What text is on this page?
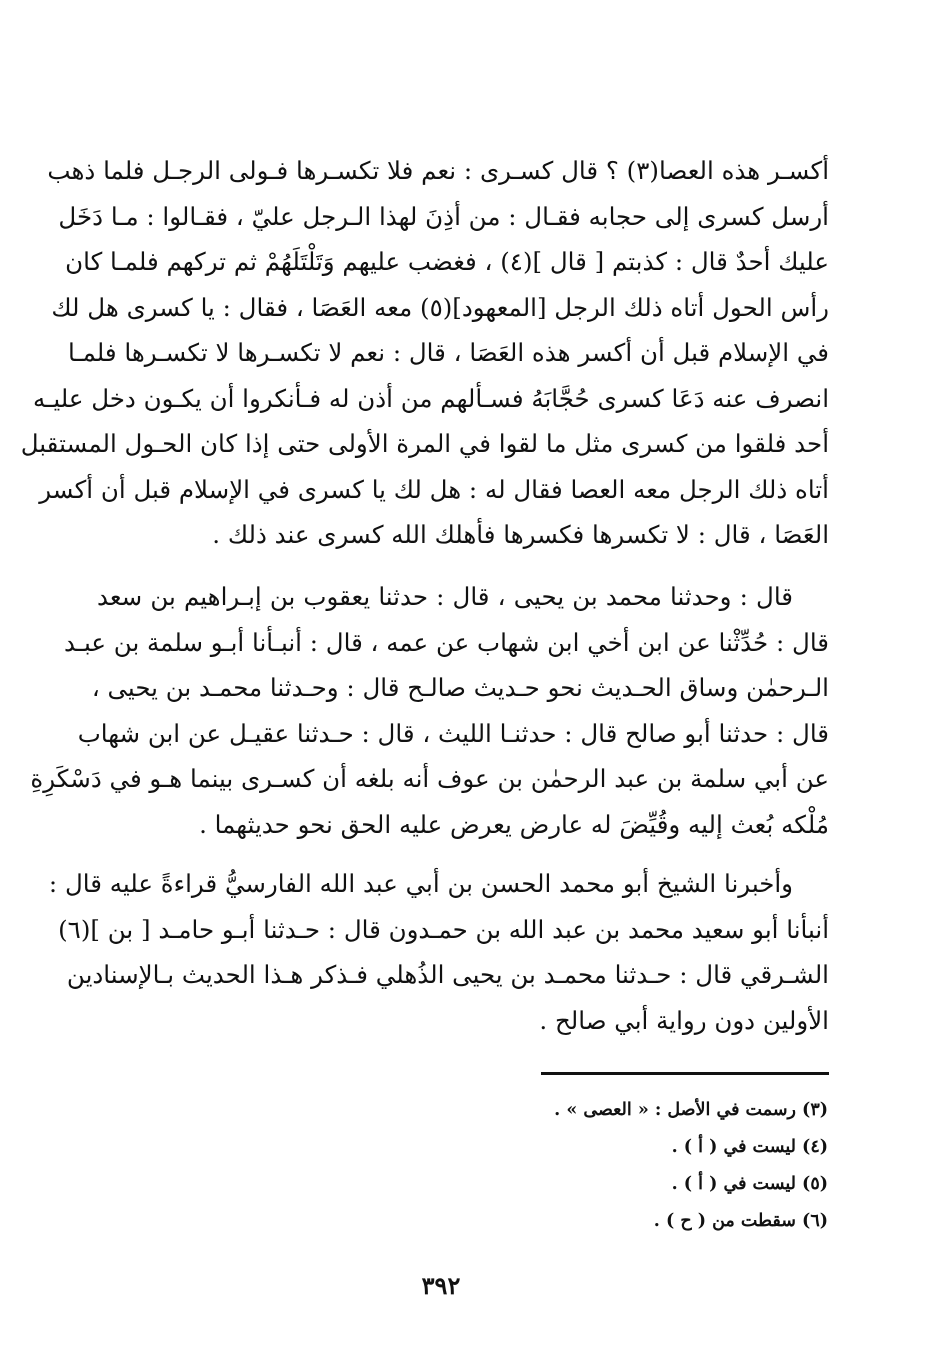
أكسـر هذه العصا(٣) ؟ قال كسـرى : نعم فلا تكسـرها فـولى الرجـل فلما ذهب
أرسل كسرى إلى حجابه فقـال : من أذِنَ لهذا الـرجل عليّ ، فقـالوا : مـا دَخَل
عليك أحدٌ قال : كذبتم [ قال ](٤) ، فغضب عليهم وَتَلْتَلَهُمْ ثم تركهم فلمـا كان
رأس الحول أتاه ذلك الرجل [المعهود](٥) معه العَصَا ، فقال : يا كسرى هل لك
في الإسلام قبل أن أكسر هذه العَصَا ، قال : نعم لا تكسـرها لا تكسـرها فلمـا
انصرف عنه دَعَا كسرى حُجَّابَهُ فسـألهم من أذن له فـأنكروا أن يكـون دخل عليـه
أحد فلقوا من كسرى مثل ما لقوا في المرة الأولى حتى إذا كان الحـول المستقبل
أتاه ذلك الرجل معه العصا فقال له : هل لك يا كسرى في الإسلام قبل أن أكسر
العَصَا ، قال : لا تكسرها فكسرها فأهلك الله كسرى عند ذلك .
قال : وحدثنا محمد بن يحيى ، قال : حدثنا يعقوب بن إبـراهيم بن سعد
قال : حُدِّثْنا عن ابن أخي ابن شهاب عن عمه ، قال : أنبـأنا أبـو سلمة بن عبـد
الـرحمٰن وساق الحـديث نحو حـديث صالـح قال : وحـدثنا محمـد بن يحيى ،
قال : حدثنا أبو صالح قال : حدثنـا الليث ، قال : حـدثنا عقيـل عن ابن شهاب
عن أبي سلمة بن عبد الرحمٰن بن عوف أنه بلغه أن كسـرى بينما هـو في دَسْكَرِةِ
مُلْكه بُعث إليه وقُيِّضَ له عارض يعرض عليه الحق نحو حديثهما .
وأخبرنا الشيخ أبو محمد الحسن بن أبي عبد الله الفارسيُّ قراءةً عليه قال :
أنبأنا أبو سعيد محمد بن عبد الله بن حمـدون قال : حـدثنا أبـو حامـد [ بن ](٦)
الشـرقي قال : حـدثنا محمـد بن يحيى الذُهلي فـذكر هـذا الحديث بـالإسنادين
الأولين دون رواية أبي صالح .
(٣) رسمت في الأصل : « العصى » .
(٤) ليست في ( أ ) .
(٥) ليست في ( أ ) .
(٦) سقطت من ( ح ) .
٣٩٢
